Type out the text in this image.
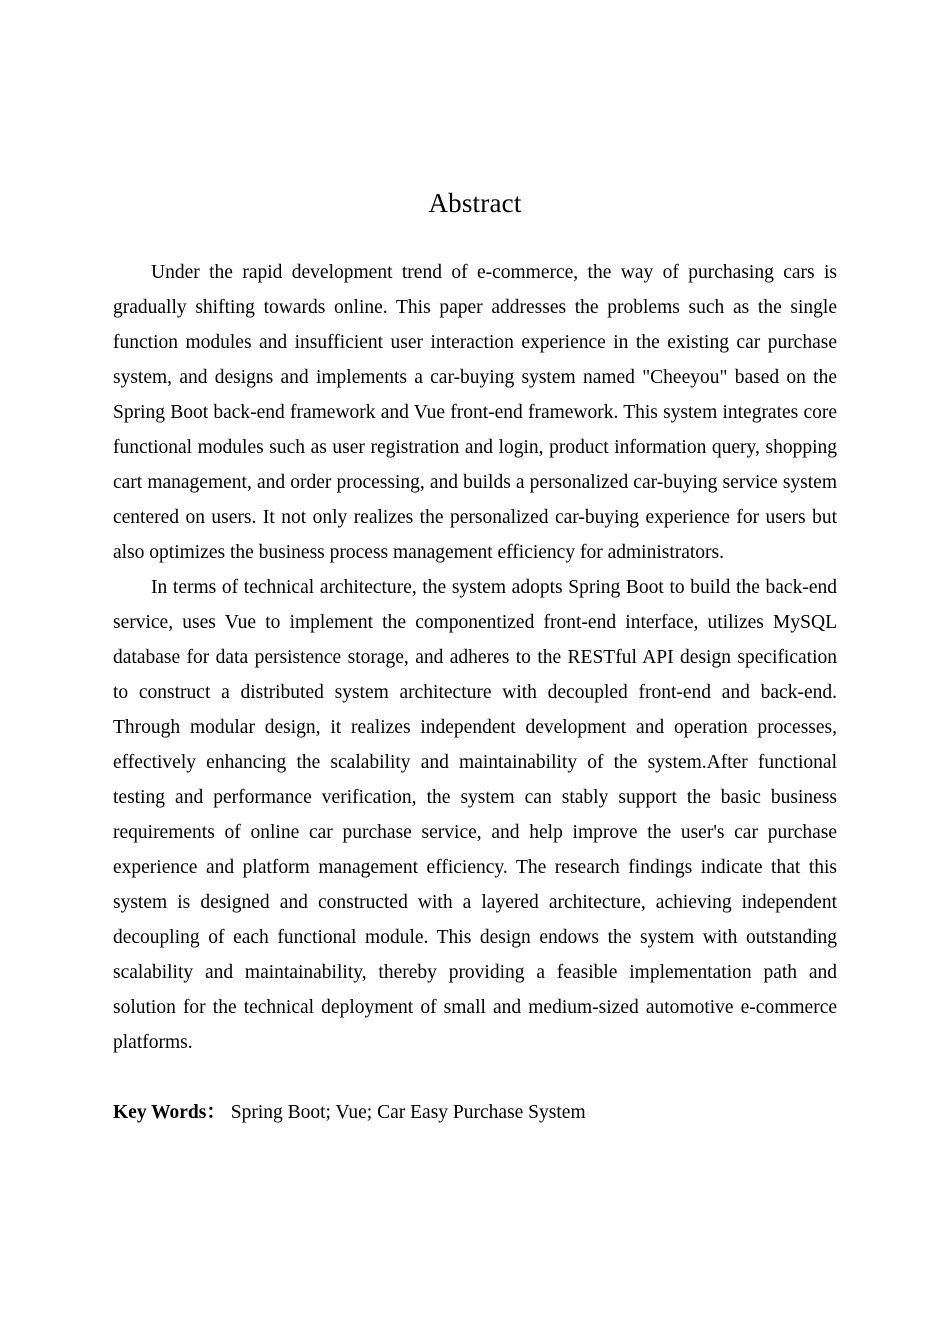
Abstract

Under the rapid development trend of e-commerce, the way of purchasing cars is gradually shifting towards online. This paper addresses the problems such as the single function modules and insufficient user interaction experience in the existing car purchase system, and designs and implements a car-buying system named "Cheeyou" based on the Spring Boot back-end framework and Vue front-end framework. This system integrates core functional modules such as user registration and login, product information query, shopping cart management, and order processing, and builds a personalized car-buying service system centered on users. It not only realizes the personalized car-buying experience for users but also optimizes the business process management efficiency for administrators.

In terms of technical architecture, the system adopts Spring Boot to build the back-end service, uses Vue to implement the componentized front-end interface, utilizes MySQL database for data persistence storage, and adheres to the RESTful API design specification to construct a distributed system architecture with decoupled front-end and back-end. Through modular design, it realizes independent development and operation processes, effectively enhancing the scalability and maintainability of the system.After functional testing and performance verification, the system can stably support the basic business requirements of online car purchase service, and help improve the user's car purchase experience and platform management efficiency. The research findings indicate that this system is designed and constructed with a layered architecture, achieving independent decoupling of each functional module. This design endows the system with outstanding scalability and maintainability, thereby providing a feasible implementation path and solution for the technical deployment of small and medium-sized automotive e-commerce platforms.

Key Words： Spring Boot; Vue; Car Easy Purchase System
